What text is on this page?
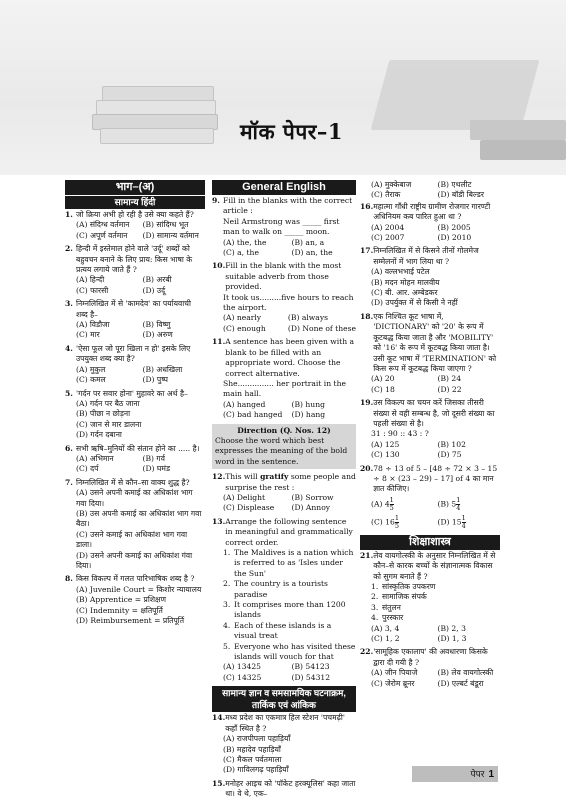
मॉक पेपर–1
भाग–(अ)
सामान्य हिंदी
1. जो क्रिया अभी हो रही है उसे क्या कहते हैं?
(A) संदिग्ध वर्तमान	(B) सांदिग्ध भूत
(C) अपूर्ण वर्तमान	(D) सामान्य वर्तमान
2. हिन्दी में इस्तेमाल होने वाले 'उर्दू' शब्दों को बहुवचन बनाने के लिए प्राय: किस भाषा के प्रत्यय लगाये जाते हैं ?
(A) हिन्दी	(B) अरबी
(C) फारसी	(D) उर्दू
3. निम्नलिखित में से 'कामदेव' का पर्यायवाची शब्द है–
(A) विडौजा	(B) विष्णु
(C) मार	(D) अरुण
4. 'ऐसा फूल जो पूरा खिला न हो' इसके लिए उपयुक्त शब्द क्या है?
(A) मुकुल	(B) अधखिला
(C) कमल	(D) पुष्प
5. 'गर्दन पर सवार होना' मुहावरे का अर्थ है–
(A) गर्दन पर बैठ जाना
(B) पीछा न छोड़ना
(C) जान से मार डालना
(D) गर्दन दबाना
6. सभी ऋषि–मुनियों की संतान होने का ..... है।
(A) अभिमान	(B) गर्व
(C) दर्प	(D) घमंड
7. निम्नलिखित में से कौन–सा वाक्य शुद्ध है?
(A) उसने अपनी कमाई का अधिकांश भाग गवा दिया।
(B) उस अपनी कमाई का अधिकांश भाग गवा बैठा।
(C) उसने कमाई का अधिकांश भाग गवा डाला।
(D) उसने अपनी कमाई का अधिकांश गंवा दिया।
8. किस विकल्प में गलत पारिभाषिक शब्द है ?
(A) Juvenile Court = किशोर न्यायालय
(B) Apprentice = प्रशिक्षण
(C) Indemnity = क्षतिपूर्ति
(D) Reimbursement = प्रतिपूर्ति
General English
9. Fill in the blanks with the correct article :
Neil Armstrong was _____ first man to walk on _____ moon.
(A) the, the	(B) an, a
(C) a, the	(D) an, the
10. Fill in the blank with the most suitable adverb from those provided.
It took us.........five hours to reach the airport.
(A) nearly	(B) always
(C) enough	(D) None of these
11. A sentence has been given with a blank to be filled with an appropriate word. Choose the correct alternative.
She............... her portrait in the main hall.
(A) hanged	(B) hung
(C) bad hanged	(D) hang
Direction (Q. Nos. 12)
Choose the word which best expresses the meaning of the bold word in the sentence.
12. This will gratify some people and surprise the rest :
(A) Delight	(B) Sorrow
(C) Displease	(D) Annoy
13. Arrange the following sentence in meaningful and grammatically correct order.
1. The Maldives is a nation which is referred to as 'Isles under the Sun'
2. The country is a tourists paradise
3. It comprises more than 1200 islands
4. Each of these islands is a visual treat
5. Everyone who has visited these islands will vouch for that
(A) 13425	(B) 54123
(C) 14325	(D) 54312
सामान्य ज्ञान व समसामयिक घटनाक्रम, तार्किक एवं आंकिक
14. मध्य प्रदेश का एकमात्र हिल स्टेशन 'पचमढ़ी' कहाँ स्थित है ?
(A) राजपीपला पहाड़ियाँ
(B) महादेव पहाड़ियाँ
(C) मैकल पर्वतमाला
(D) गाविलगढ़ पहाड़ियाँ
15. मनोहर आइच को 'पॉकेट हरक्यूलिस' कहा जाता था। वे थे, एक–
(A) मुक्केबाज	(B) एथलीट
(C) तैराक	(D) बॉडी बिल्डर
16. महात्मा गाँधी राष्ट्रीय ग्रामीण रोजगार गारण्टी अधिनियम कब पारित हुआ था ?
(A) 2004	(B) 2005
(C) 2007	(D) 2010
17. निम्नलिखित में से किसने तीनों गोलमेज सम्मेलनों में भाग लिया था ?
(A) वल्लभभाई पटेल
(B) मदन मोहन मालवीय
(C) बी. आर. अम्बेडकर
(D) उपर्युक्त में से किसी ने नहीं
18. एक निश्चित कूट भाषा में, 'DICTIONARY' को '20' के रूप में कूटबद्ध किया जाता है और 'MOBILITY' को '16' के रूप में कूटबद्ध किया जाता है। उसी कूट भाषा में 'TERMINATION' को किस रूप में कूटबद्ध किया जाएगा ?
(A) 20	(B) 24
(C) 18	(D) 22
19. उस विकल्प का चयन करें जिसका तीसरी संख्या से वही सम्बन्ध है, जो दूसरी संख्या का पहली संख्या से है।
31 : 90 :: 43 : ?
(A) 125	(B) 102
(C) 130	(D) 75
20. 78 ÷ 13 of 5 – [48 ÷ 72 × 3 – 15 ÷ 8 × (23 – 29) – 17] of 4 का मान ज्ञात कीजिए।
(A) $4 \frac{1}{5}$	(B) $5 \frac{1}{4}$
(C) $16 \frac{1}{5}$	(D) $15 \frac{1}{4}$
शिक्षाशास्त्र
21. लेव वायगोत्स्की के अनुसार निम्नलिखित में से कौन–से कारक बच्चों के संज्ञानात्मक विकास को सुगम बनाते हैं ?
1. सांस्कृतिक उपकरण
2. सामाजिक संपर्क
3. संतुलन
4. पुरस्कार
(A) 3, 4	(B) 2, 3
(C) 1, 2	(D) 1, 3
22. 'सामूहिक एकालाप' की अवधारणा किसके द्वारा दी गयी है ?
(A) जीन पियाजे	(B) लेव वायगोत्स्की
(C) जेरोम ब्रूनर	(D) एल्बर्ट बंडूरा
पेपर 1
